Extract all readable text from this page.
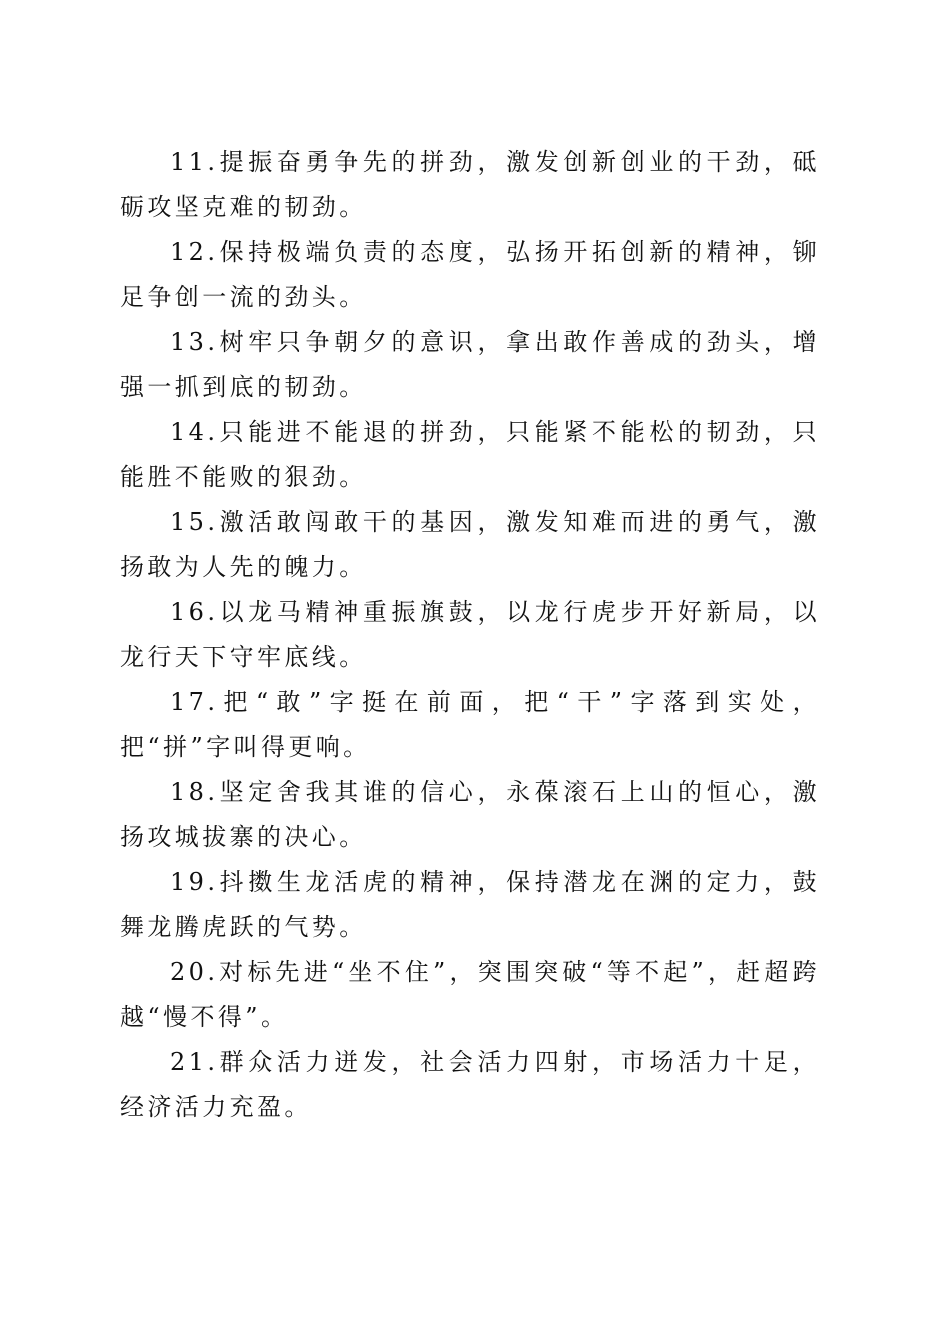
11.提振奋勇争先的拼劲，激发创新创业的干劲，砥砺攻坚克难的韧劲。

12.保持极端负责的态度，弘扬开拓创新的精神，铆足争创一流的劲头。

13.树牢只争朝夕的意识，拿出敢作善成的劲头，增强一抓到底的韧劲。

14.只能进不能退的拼劲，只能紧不能松的韧劲，只能胜不能败的狠劲。

15.激活敢闯敢干的基因，激发知难而进的勇气，激扬敢为人先的魄力。

16.以龙马精神重振旗鼓，以龙行虎步开好新局，以龙行天下守牢底线。

17.把“敢”字挺在前面，把“干”字落到实处，把“拼”字叫得更响。

18.坚定舍我其谁的信心，永葆滚石上山的恒心，激扬攻城拔寨的决心。

19.抖擞生龙活虎的精神，保持潜龙在渊的定力，鼓舞龙腾虎跃的气势。

20.对标先进“坐不住”，突围突破“等不起”，赶超跨越“慢不得”。

21.群众活力迸发，社会活力四射，市场活力十足，经济活力充盈。
